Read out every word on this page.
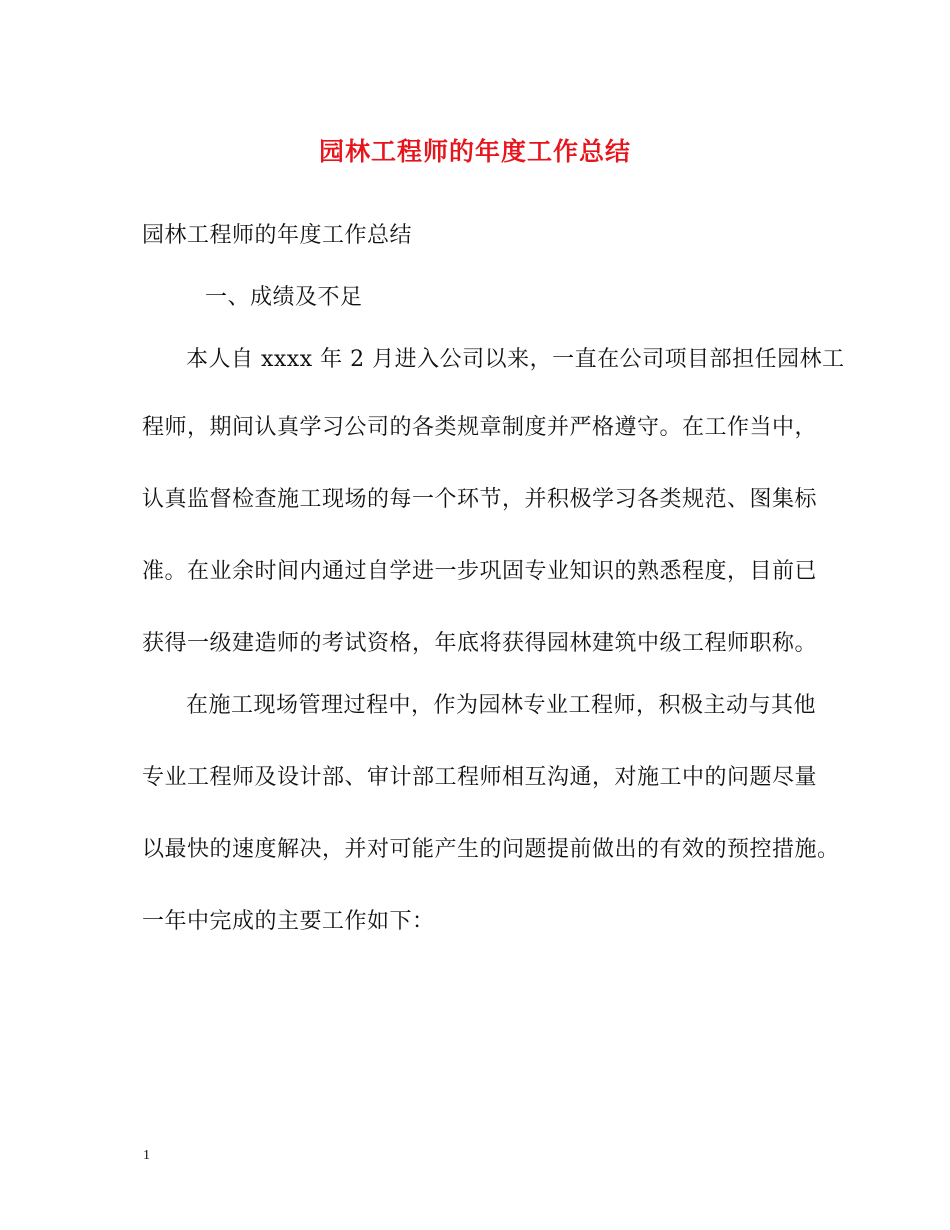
园林工程师的年度工作总结
园林工程师的年度工作总结
一、成绩及不足
本人自 xxxx 年 2 月进入公司以来，一直在公司项目部担任园林工
程师，期间认真学习公司的各类规章制度并严格遵守。在工作当中，
认真监督检查施工现场的每一个环节，并积极学习各类规范、图集标
准。在业余时间内通过自学进一步巩固专业知识的熟悉程度，目前已
获得一级建造师的考试资格，年底将获得园林建筑中级工程师职称。
在施工现场管理过程中，作为园林专业工程师，积极主动与其他
专业工程师及设计部、审计部工程师相互沟通，对施工中的问题尽量
以最快的速度解决，并对可能产生的问题提前做出的有效的预控措施。
一年中完成的主要工作如下：
1
